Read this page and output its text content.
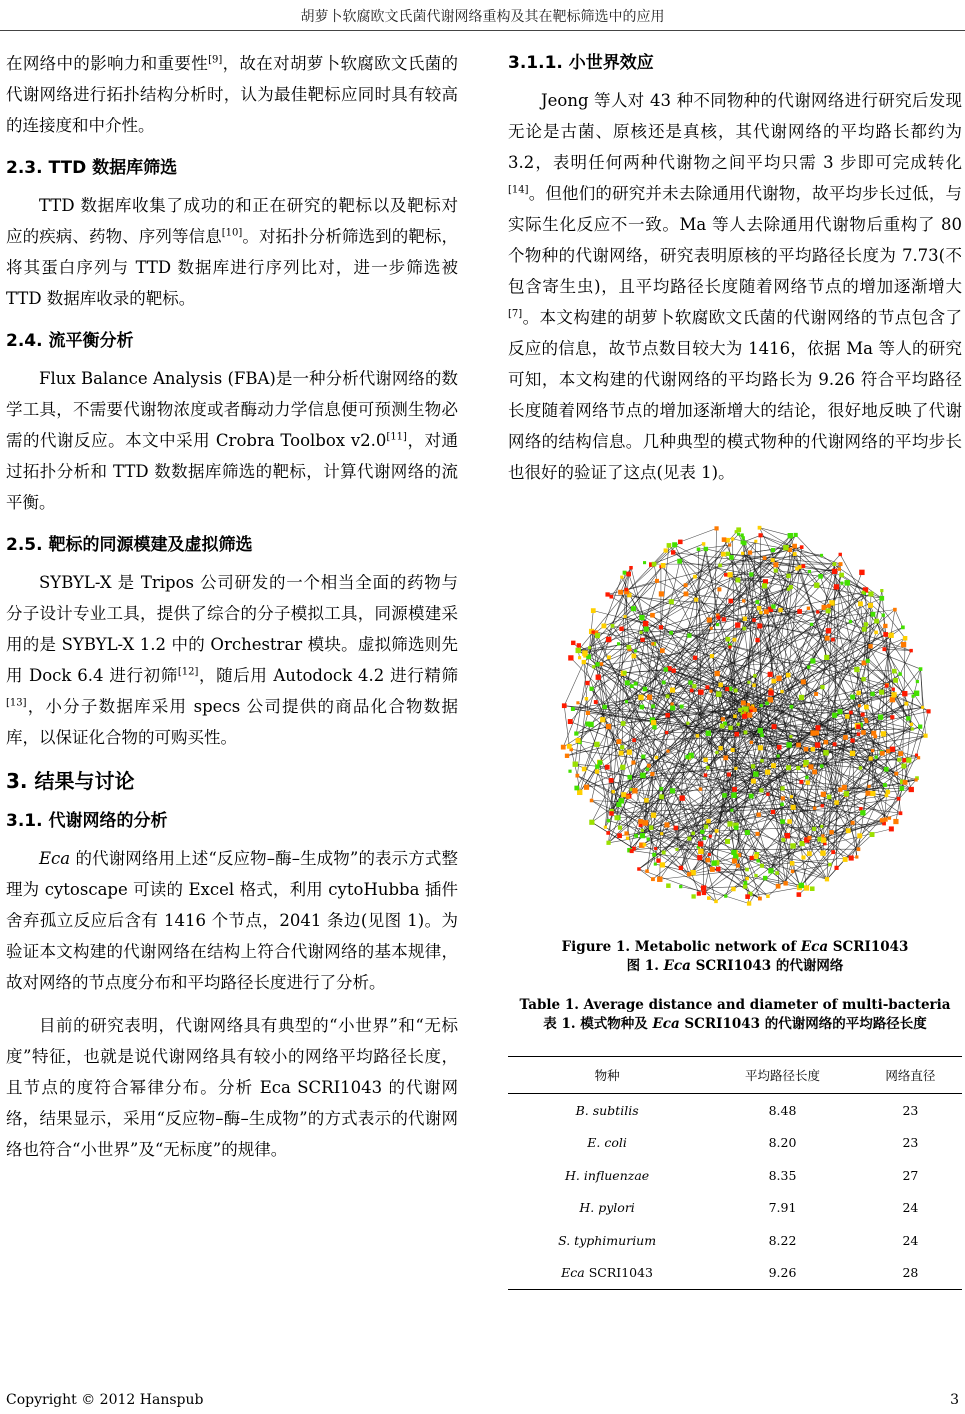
胡萝卜软腐欧文氏菌代谢网络重构及其在靶标筛选中的应用

在网络中的影响力和重要性[9]，故在对胡萝卜软腐欧文氏菌的代谢网络进行拓扑结构分析时，认为最佳靶标应同时具有较高的连接度和中介性。

2.3. TTD 数据库筛选

TTD 数据库收集了成功的和正在研究的靶标以及靶标对应的疾病、药物、序列等信息[10]。对拓扑分析筛选到的靶标，将其蛋白序列与 TTD 数据库进行序列比对，进一步筛选被 TTD 数据库收录的靶标。

2.4. 流平衡分析

Flux Balance Analysis (FBA)是一种分析代谢网络的数学工具，不需要代谢物浓度或者酶动力学信息便可预测生物必需的代谢反应。本文中采用 Crobra Toolbox v2.0[11]，对通过拓扑分析和 TTD 数数据库筛选的靶标，计算代谢网络的流平衡。

2.5. 靶标的同源模建及虚拟筛选

SYBYL-X 是 Tripos 公司研发的一个相当全面的药物与分子设计专业工具，提供了综合的分子模拟工具，同源模建采用的是 SYBYL-X 1.2 中的 Orchestrar 模块。虚拟筛选则先用 Dock 6.4 进行初筛[12]，随后用 Autodock 4.2 进行精筛[13]，小分子数据库采用 specs 公司提供的商品化合物数据库，以保证化合物的可购买性。

3. 结果与讨论
3.1. 代谢网络的分析

Eca 的代谢网络用上述“反应物–酶–生成物”的表示方式整理为 cytoscape 可读的 Excel 格式，利用 cytoHubba 插件舍弃孤立反应后含有 1416 个节点，2041 条边(见图 1)。为验证本文构建的代谢网络在结构上符合代谢网络的基本规律，故对网络的节点度分布和平均路径长度进行了分析。

目前的研究表明，代谢网络具有典型的“小世界”和“无标度”特征，也就是说代谢网络具有较小的网络平均路径长度，且节点的度符合幂律分布。分析 Eca SCRI1043 的代谢网络，结果显示，采用“反应物–酶–生成物”的方式表示的代谢网络也符合“小世界”及“无标度”的规律。

3.1.1. 小世界效应

Jeong 等人对 43 种不同物种的代谢网络进行研究后发现无论是古菌、原核还是真核，其代谢网络的平均路长都约为 3.2，表明任何两种代谢物之间平均只需 3 步即可完成转化[14]。但他们的研究并未去除通用代谢物，故平均步长过低，与实际生化反应不一致。Ma 等人去除通用代谢物后重构了 80 个物种的代谢网络，研究表明原核的平均路径长度为 7.73(不包含寄生虫)，且平均路径长度随着网络节点的增加逐渐增大[7]。本文构建的胡萝卜软腐欧文氏菌的代谢网络的节点包含了反应的信息，故节点数目较大为 1416，依据 Ma 等人的研究可知，本文构建的代谢网络的平均路长为 9.26 符合平均路径长度随着网络节点的增加逐渐增大的结论，很好地反映了代谢网络的结构信息。几种典型的模式物种的代谢网络的平均步长也很好的验证了这点(见表 1)。

Figure 1. Metabolic network of Eca SCRI1043
图 1. Eca SCRI1043 的代谢网络
Table 1. Average distance and diameter of multi-bacteria
表 1. 模式物种及 Eca SCRI1043 的代谢网络的平均路径长度
物种	平均路径长度	网络直径
B. subtilis	8.48	23
E. coli	8.20	23
H. influenzae	8.35	27
H. pylori	7.91	24
S. typhimurium	8.22	24
Eca SCRI1043	9.26	28
Copyright © 2012 Hanspub	3
